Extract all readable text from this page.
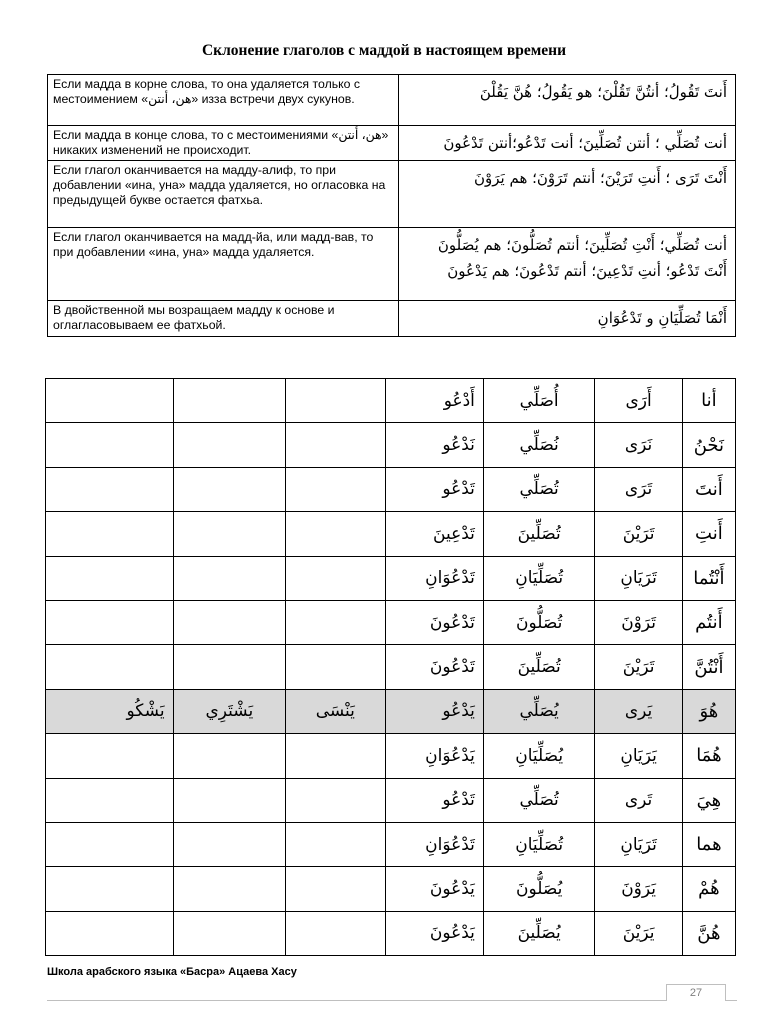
Склонение глаголов с маддой в настоящем времени
Если мадда в корне слова, то она удаляется только с местоимением «هن، أنتن» изза встречи двух сукунов.	أَنتَ تَقُولُ؛ أنتُنَّ تَقُلْنَ؛ هو يَقُولُ؛ هُنَّ يَقُلْنَ

Если мадда в конце слова, то с местоимениями «هن، أنتن» никаких изменений не происходит.	أنت تُصَلِّي ؛ أنتن تُصَلِّينَ؛ أنت تَدْعُو؛أنتن تَدْعُونَ

Если глагол оканчивается на мадду-алиф, то при добавлении «ина, уна» мадда удаляется, но огласовка на предыдущей букве остается фатхьа.	أَنْتَ تَرَى ؛ أَنتِ تَرَيْنَ؛ أنتم تَرَوْنَ؛ هم يَرَوْنَ

Если глагол оканчивается на мадд-йа, или мадд-вав, то при добавлении «ина, уна» мадда удаляется.	أنت تُصَلِّي؛ أَنْتِ تُصَلِّينَ؛ أنتم تُصَلُّونَ؛ هم يُصَلُّونَ
أَنْتَ تَدْعُو؛ أنتِ تَدْعِينَ؛ أنتم تَدْعُونَ؛ هم يَدْعُونَ

В двойственной мы возращаем мадду к основе и оглагласовываем ее фатхьой.	أَنْمَا تُصَلِّيَانِ و تَدْعُوَانِ
أنا	أَرَى	أُصَلِّي	أَدْعُو			
نَحْنُ	نَرَى	نُصَلِّي	نَدْعُو			
أَنتَ	تَرَى	تُصَلِّي	تَدْعُو			
أَنتِ	تَرَيْنَ	تُصَلِّينَ	تَدْعِينَ			
أَنْتُما	تَرَيَانِ	تُصَلِّيَانِ	تَدْعُوَانِ			
أَنتُم	تَرَوْنَ	تُصَلُّونَ	تَدْعُونَ			
أَنْتُنَّ	تَرَيْنَ	تُصَلِّينَ	تَدْعُونَ			
هُوَ	يَرى	يُصَلِّي	يَدْعُو	يَنْسَى	يَشْتَرِي	يَشْكُو
هُمَا	يَرَيَانِ	يُصَلِّيَانِ	يَدْعُوَانِ			
هِيَ	تَرى	تُصَلِّي	تَدْعُو			
هما	تَرَيَانِ	تُصَلِّيَانِ	تَدْعُوَانِ			
هُمْ	يَرَوْنَ	يُصَلُّونَ	يَدْعُونَ			
هُنَّ	يَرَيْنَ	يُصَلِّينَ	يَدْعُونَ			
Школа арабского языка «Басра» Ацаева Хасу
27
